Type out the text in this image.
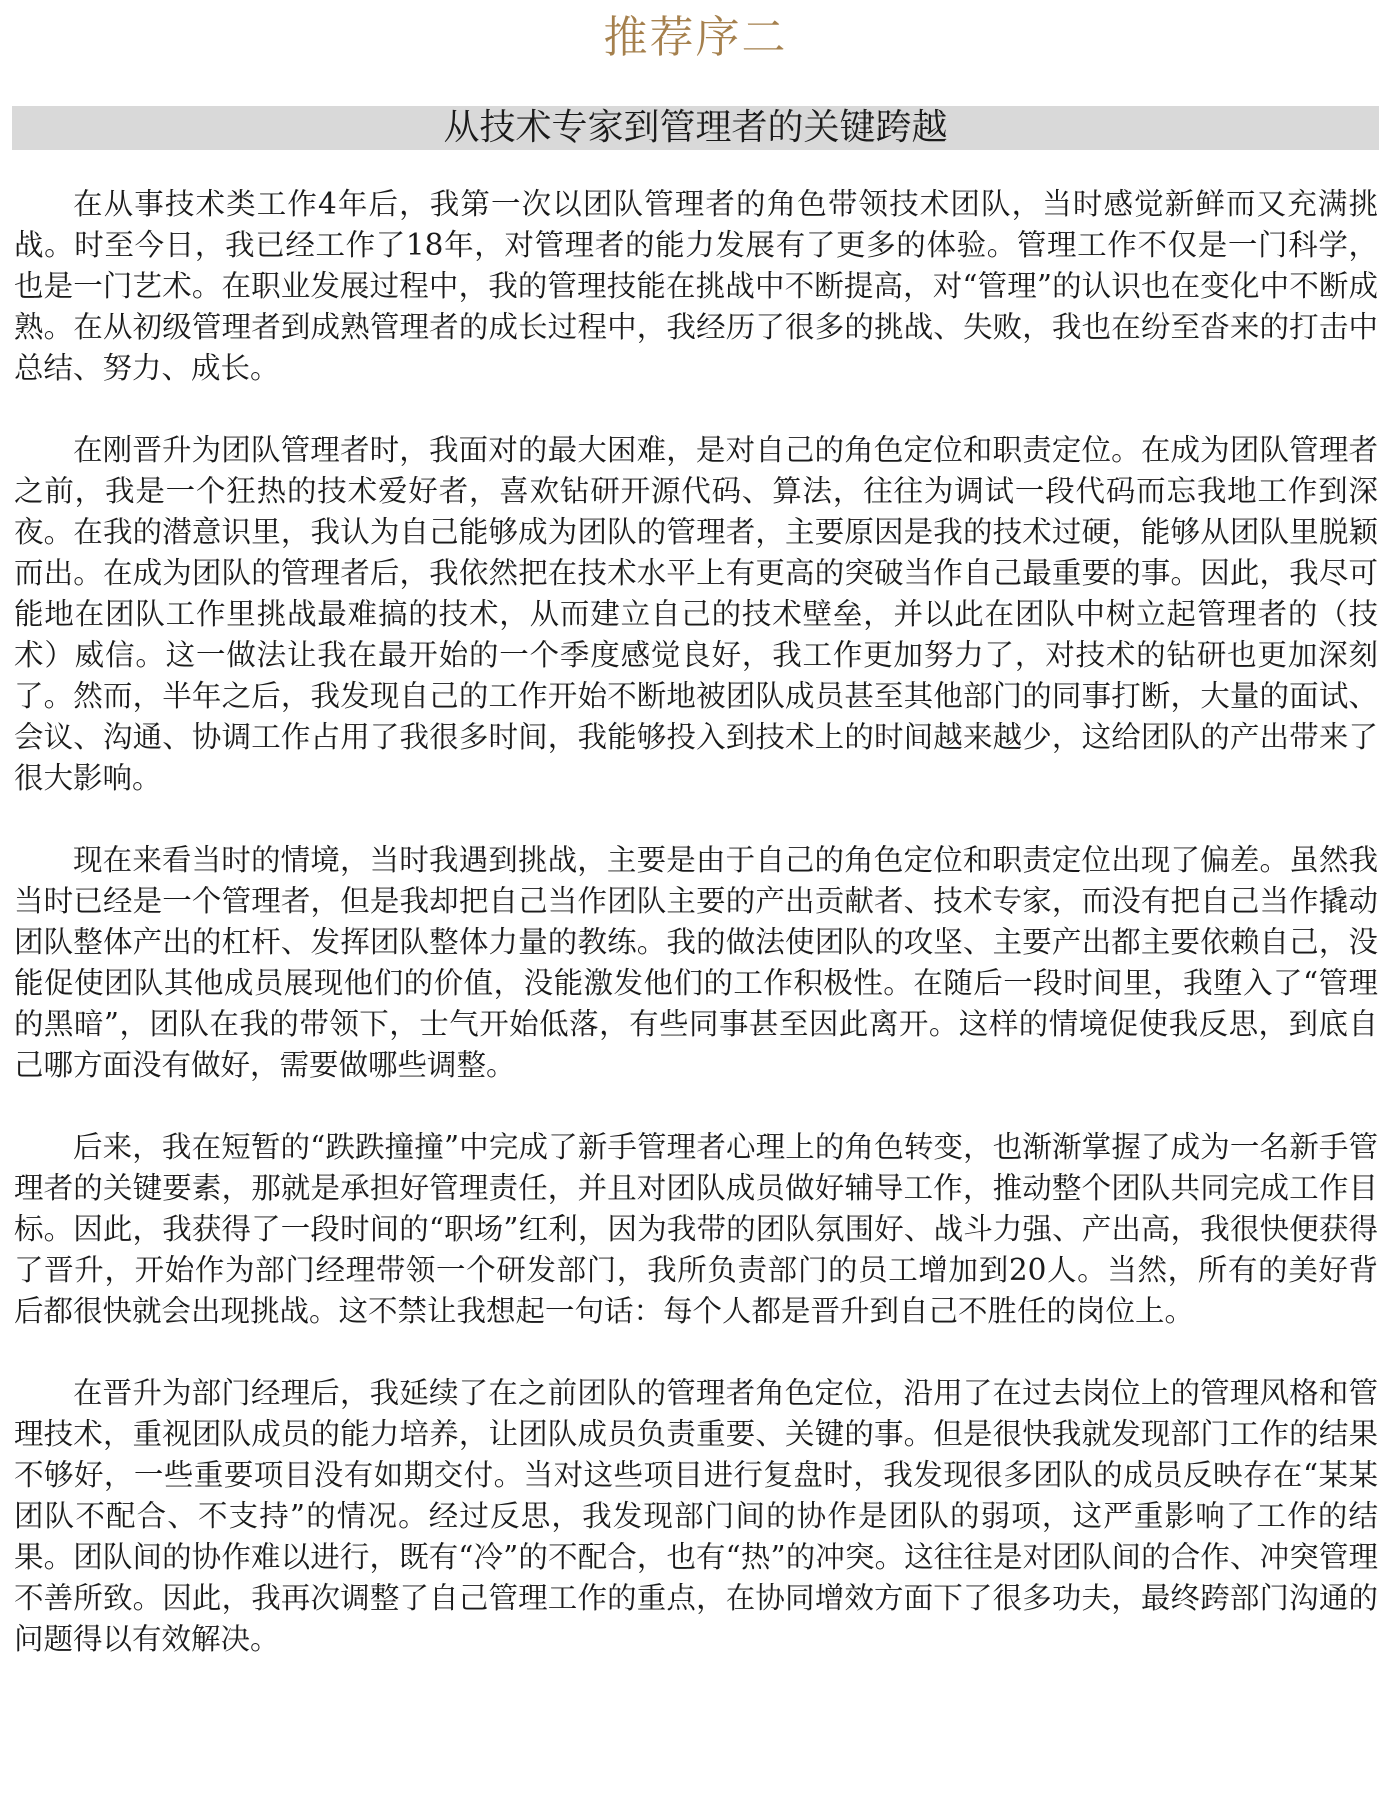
推荐序二
从技术专家到管理者的关键跨越

在从事技术类工作4年后，我第一次以团队管理者的角色带领技术团队，当时感觉新鲜而又充满挑战。时至今日，我已经工作了18年，对管理者的能力发展有了更多的体验。管理工作不仅是一门科学，也是一门艺术。在职业发展过程中，我的管理技能在挑战中不断提高，对“管理”的认识也在变化中不断成熟。在从初级管理者到成熟管理者的成长过程中，我经历了很多的挑战、失败，我也在纷至沓来的打击中总结、努力、成长。

在刚晋升为团队管理者时，我面对的最大困难，是对自己的角色定位和职责定位。在成为团队管理者之前，我是一个狂热的技术爱好者，喜欢钻研开源代码、算法，往往为调试一段代码而忘我地工作到深夜。在我的潜意识里，我认为自己能够成为团队的管理者，主要原因是我的技术过硬，能够从团队里脱颖而出。在成为团队的管理者后，我依然把在技术水平上有更高的突破当作自己最重要的事。因此，我尽可能地在团队工作里挑战最难搞的技术，从而建立自己的技术壁垒，并以此在团队中树立起管理者的（技术）威信。这一做法让我在最开始的一个季度感觉良好，我工作更加努力了，对技术的钻研也更加深刻了。然而，半年之后，我发现自己的工作开始不断地被团队成员甚至其他部门的同事打断，大量的面试、会议、沟通、协调工作占用了我很多时间，我能够投入到技术上的时间越来越少，这给团队的产出带来了很大影响。

现在来看当时的情境，当时我遇到挑战，主要是由于自己的角色定位和职责定位出现了偏差。虽然我当时已经是一个管理者，但是我却把自己当作团队主要的产出贡献者、技术专家，而没有把自己当作撬动团队整体产出的杠杆、发挥团队整体力量的教练。我的做法使团队的攻坚、主要产出都主要依赖自己，没能促使团队其他成员展现他们的价值，没能激发他们的工作积极性。在随后一段时间里，我堕入了“管理的黑暗”，团队在我的带领下，士气开始低落，有些同事甚至因此离开。这样的情境促使我反思，到底自己哪方面没有做好，需要做哪些调整。

后来，我在短暂的“跌跌撞撞”中完成了新手管理者心理上的角色转变，也渐渐掌握了成为一名新手管理者的关键要素，那就是承担好管理责任，并且对团队成员做好辅导工作，推动整个团队共同完成工作目标。因此，我获得了一段时间的“职场”红利，因为我带的团队氛围好、战斗力强、产出高，我很快便获得了晋升，开始作为部门经理带领一个研发部门，我所负责部门的员工增加到20人。当然，所有的美好背后都很快就会出现挑战。这不禁让我想起一句话：每个人都是晋升到自己不胜任的岗位上。

在晋升为部门经理后，我延续了在之前团队的管理者角色定位，沿用了在过去岗位上的管理风格和管理技术，重视团队成员的能力培养，让团队成员负责重要、关键的事。但是很快我就发现部门工作的结果不够好，一些重要项目没有如期交付。当对这些项目进行复盘时，我发现很多团队的成员反映存在“某某团队不配合、不支持”的情况。经过反思，我发现部门间的协作是团队的弱项，这严重影响了工作的结果。团队间的协作难以进行，既有“冷”的不配合，也有“热”的冲突。这往往是对团队间的合作、冲突管理不善所致。因此，我再次调整了自己管理工作的重点，在协同增效方面下了很多功夫，最终跨部门沟通的问题得以有效解决。
